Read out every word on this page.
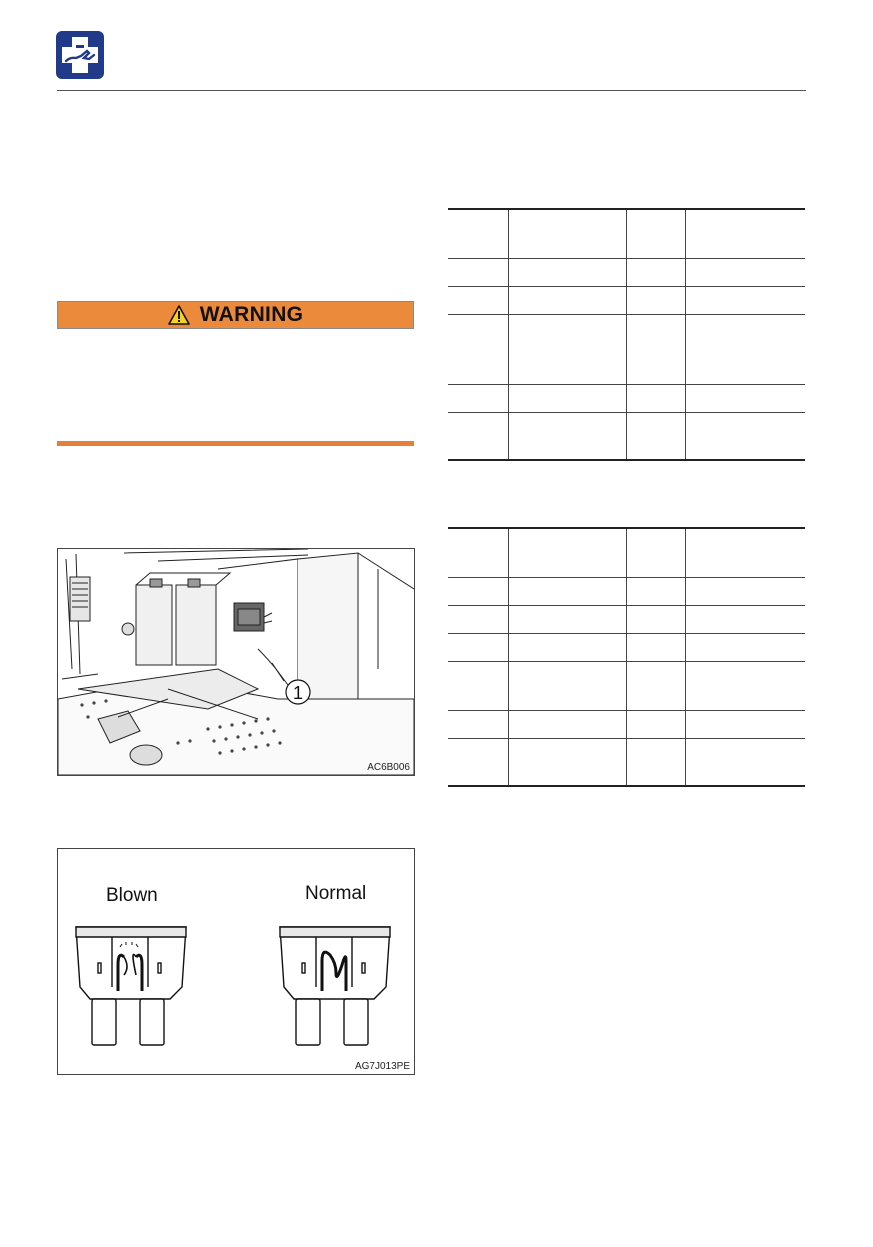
WARNING
1
AC6B006
Blown	Normal
AG7J013PE
